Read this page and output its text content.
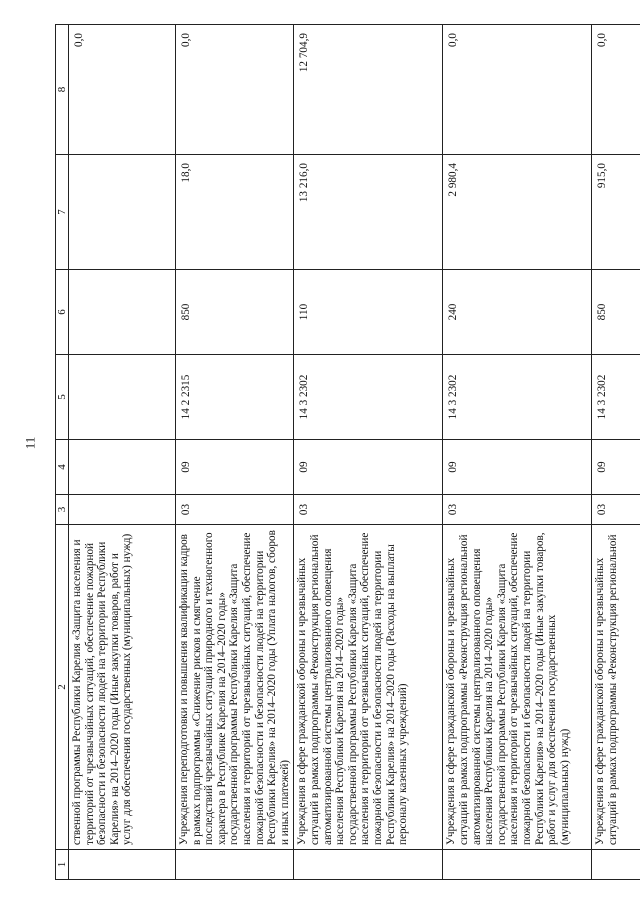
11
1	2	3	4	5	6	7	8
	ственной программы Республики Карелия «Защита населения и территорий от чрезвычайных ситуаций, обеспечение пожарной безопасности и безопасности людей на территории Республики Карелия» на 2014–2020 годы (Иные закупки товаров, работ и услуг для обеспечения государственных (муниципальных) нужд)						0,0
	Учреждения переподготовки и повышения квалификации кадров в рамках подпрограммы «Снижение рисков и смягчение последствий чрезвычайных ситуаций природного и техногенного характера в Республике Карелия на 2014–2020 годы» государственной программы Республики Карелия «Защита населения и территорий от чрезвычайных ситуаций, обеспечение пожарной безопасности и безопасности людей на территории Республики Карелия» на 2014–2020 годы (Уплата налогов, сборов и иных платежей)	03	09	14 2 2315	850	18,0	0,0
	Учреждения в сфере гражданской обороны и чрезвычайных ситуаций в рамках подпрограммы «Реконструкция региональной автоматизированной системы централизованного оповещения населения Республики Карелия на 2014–2020 годы» государственной программы Республики Карелия «Защита населения и территорий от чрезвычайных ситуаций, обеспечение пожарной безопасности и безопасности людей на территории Республики Карелия» на 2014–2020 годы (Расходы на выплаты персоналу казенных учреждений)	03	09	14 3 2302	110	13 216,0	12 704,9
	Учреждения в сфере гражданской обороны и чрезвычайных ситуаций в рамках подпрограммы «Реконструкция региональной автоматизированной системы централизованного оповещения населения Республики Карелия на 2014–2020 годы» государственной программы Республики Карелия «Защита населения и территорий от чрезвычайных ситуаций, обеспечение пожарной безопасности и безопасности людей на территории Республики Карелия» на 2014–2020 годы (Иные закупки товаров, работ и услуг для обеспечения государственных (муниципальных) нужд)	03	09	14 3 2302	240	2 980,4	0,0
	Учреждения в сфере гражданской обороны и чрезвычайных ситуаций в рамках подпрограммы «Реконструкция региональной	03	09	14 3 2302	850	915,0	0,0
